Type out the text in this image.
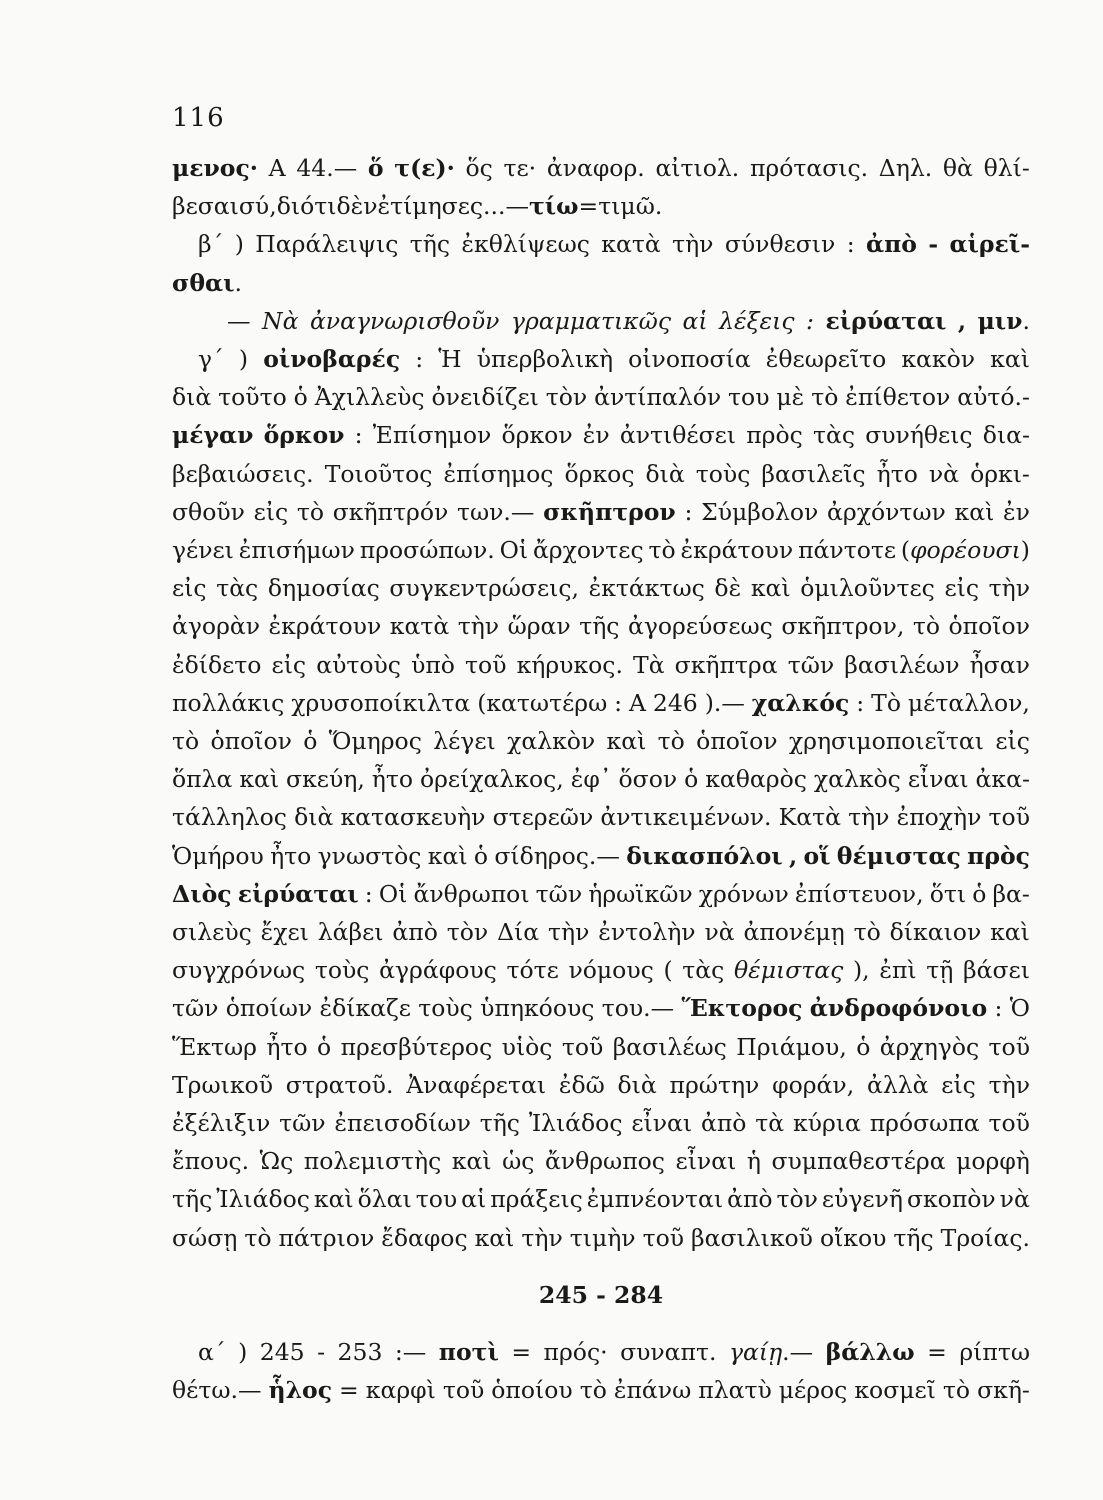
116
μενος· Α 44.— ὅ τ(ε)· ὅς τε· ἀναφορ. αἰτιολ. πρότασις. Δηλ. θὰ θλί-
βεσαι σύ, διότι δὲν ἐτίμησες...— τίω = τιμῶ.
β΄ ) Παράλειψις τῆς ἐκθλίψεως κατὰ τὴν σύνθεσιν : ἀπὸ - αἱρεῖ-
σθαι.
— Νὰ ἀναγνωρισθοῦν γραμματικῶς αἱ λέξεις : εἰρύαται , μιν.
γ΄ ) οἰνοβαρές : Ἡ ὑπερβολικὴ οἰνοποσία ἐθεωρεῖτο κακὸν καὶ
διὰ τοῦτο ὁ Ἀχιλλεὺς ὀνειδίζει τὸν ἀντίπαλόν του μὲ τὸ ἐπίθετον αὐτό.-
μέγαν ὅρκον : Ἐπίσημον ὅρκον ἐν ἀντιθέσει πρὸς τὰς συνήθεις δια-
βεβαιώσεις. Τοιοῦτος ἐπίσημος ὅρκος διὰ τοὺς βασιλεῖς ἦτο νὰ ὁρκι-
σθοῦν εἰς τὸ σκῆπτρόν των.— σκῆπτρον : Σύμβολον ἀρχόντων καὶ ἐν
γένει ἐπισήμων προσώπων. Οἱ ἄρχοντες τὸ ἐκράτουν πάντοτε (φορέουσι)
εἰς τὰς δημοσίας συγκεντρώσεις, ἐκτάκτως δὲ καὶ ὁμιλοῦντες εἰς τὴν
ἀγορὰν ἐκράτουν κατὰ τὴν ὥραν τῆς ἀγορεύσεως σκῆπτρον, τὸ ὁποῖον
ἐδίδετο εἰς αὐτοὺς ὑπὸ τοῦ κήρυκος. Τὰ σκῆπτρα τῶν βασιλέων ἦσαν
πολλάκις χρυσοποίκιλτα (κατωτέρω : Α 246 ).— χαλκός : Τὸ μέταλλον,
τὸ ὁποῖον ὁ Ὅμηρος λέγει χαλκὸν καὶ τὸ ὁποῖον χρησιμοποιεῖται εἰς
ὅπλα καὶ σκεύη, ἦτο ὀρείχαλκος, ἐφ᾽ ὅσον ὁ καθαρὸς χαλκὸς εἶναι ἀκα-
τάλληλος διὰ κατασκευὴν στερεῶν ἀντικειμένων. Κατὰ τὴν ἐποχὴν τοῦ
Ὁμήρου ἦτο γνωστὸς καὶ ὁ σίδηρος.— δικασπόλοι , οἵ θέμιστας πρὸς
Διὸς εἰρύαται : Οἱ ἄνθρωποι τῶν ἡρωϊκῶν χρόνων ἐπίστευον, ὅτι ὁ βα-
σιλεὺς ἔχει λάβει ἀπὸ τὸν Δία τὴν ἐντολὴν νὰ ἀπονέμῃ τὸ δίκαιον καὶ
συγχρόνως τοὺς ἀγράφους τότε νόμους ( τὰς θέμιστας ), ἐπὶ τῇ βάσει
τῶν ὁποίων ἐδίκαζε τοὺς ὑπηκόους του.— Ἕκτορος ἀνδροφόνοιο : Ὁ
Ἕκτωρ ἦτο ὁ πρεσβύτερος υἱὸς τοῦ βασιλέως Πριάμου, ὁ ἀρχηγὸς τοῦ
Τρωικοῦ στρατοῦ. Ἀναφέρεται ἐδῶ διὰ πρώτην φοράν, ἀλλὰ εἰς τὴν
ἐξέλιξιν τῶν ἐπεισοδίων τῆς Ἰλιάδος εἶναι ἀπὸ τὰ κύρια πρόσωπα τοῦ
ἔπους. Ὡς πολεμιστὴς καὶ ὡς ἄνθρωπος εἶναι ἡ συμπαθεστέρα μορφὴ
τῆς Ἰλιάδος καὶ ὅλαι του αἱ πράξεις ἐμπνέονται ἀπὸ τὸν εὐγενῆ σκοπὸν νὰ
σώσῃ τὸ πάτριον ἔδαφος καὶ τὴν τιμὴν τοῦ βασιλικοῦ οἴκου τῆς Τροίας.
245 - 284
α΄ ) 245 - 253 :— ποτὶ = πρός· συναπτ. γαίῃ.— βάλλω = ρίπτω
θέτω.— ἧλος = καρφὶ τοῦ ὁποίου τὸ ἐπάνω πλατὺ μέρος κοσμεῖ τὸ σκῆ-
